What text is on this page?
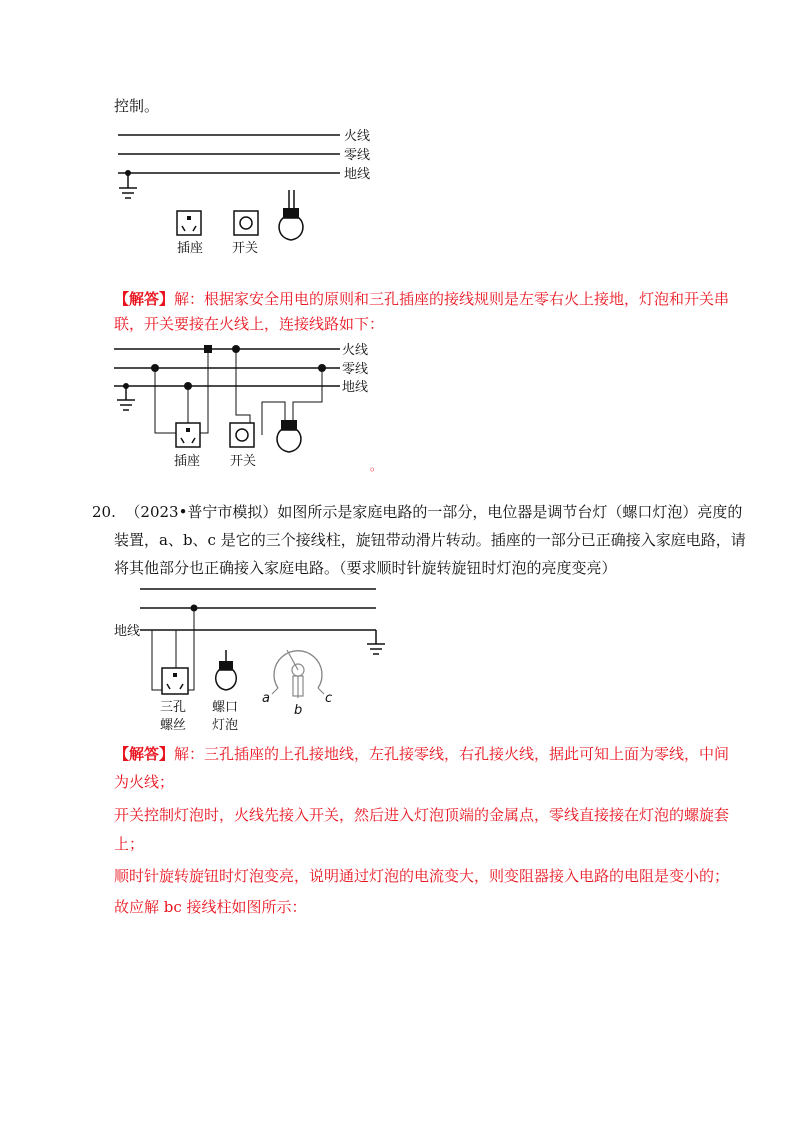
控制。
火线
零线
地线
插座 开关
【解答】解：根据家安全用电的原则和三孔插座的接线规则是左零右火上接地，灯泡和开关串
联，开关要接在火线上，连接线路如下：
火线
零线
地线
插座 开关	。
20. （2023•普宁市模拟）如图所示是家庭电路的一部分，电位器是调节台灯（螺口灯泡）亮度的
装置，a、b、c 是它的三个接线柱，旋钮带动滑片转动。插座的一部分已正确接入家庭电路，请
将其他部分也正确接入家庭电路。（要求顺时针旋转旋钮时灯泡的亮度变亮）
地线
三孔
螺丝
螺口
灯泡
a
b
c
【解答】解：三孔插座的上孔接地线，左孔接零线，右孔接火线，据此可知上面为零线，中间
为火线；
开关控制灯泡时，火线先接入开关，然后进入灯泡顶端的金属点，零线直接接在灯泡的螺旋套
上；
顺时针旋转旋钮时灯泡变亮，说明通过灯泡的电流变大，则变阻器接入电路的电阻是变小的；
故应解 bc 接线柱如图所示：
